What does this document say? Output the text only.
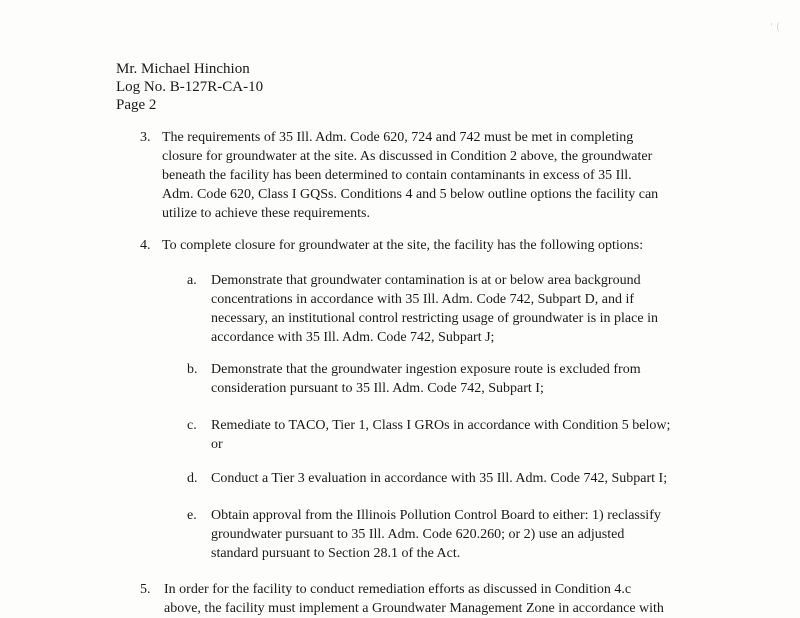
' (
Mr. Michael Hinchion
Log No. B-127R-CA-10
Page 2
3. The requirements of 35 Ill. Adm. Code 620, 724 and 742 must be met in completing
closure for groundwater at the site. As discussed in Condition 2 above, the groundwater
beneath the facility has been determined to contain contaminants in excess of 35 Ill.
Adm. Code 620, Class I GQSs. Conditions 4 and 5 below outline options the facility can
utilize to achieve these requirements.
4. To complete closure for groundwater at the site, the facility has the following options:
a. Demonstrate that groundwater contamination is at or below area background
concentrations in accordance with 35 Ill. Adm. Code 742, Subpart D, and if
necessary, an institutional control restricting usage of groundwater is in place in
accordance with 35 Ill. Adm. Code 742, Subpart J;
b. Demonstrate that the groundwater ingestion exposure route is excluded from
consideration pursuant to 35 Ill. Adm. Code 742, Subpart I;
c. Remediate to TACO, Tier 1, Class I GROs in accordance with Condition 5 below;
or
d. Conduct a Tier 3 evaluation in accordance with 35 Ill. Adm. Code 742, Subpart I;
e. Obtain approval from the Illinois Pollution Control Board to either: 1) reclassify
groundwater pursuant to 35 Ill. Adm. Code 620.260; or 2) use an adjusted
standard pursuant to Section 28.1 of the Act.
5. In order for the facility to conduct remediation efforts as discussed in Condition 4.c
above, the facility must implement a Groundwater Management Zone in accordance with
